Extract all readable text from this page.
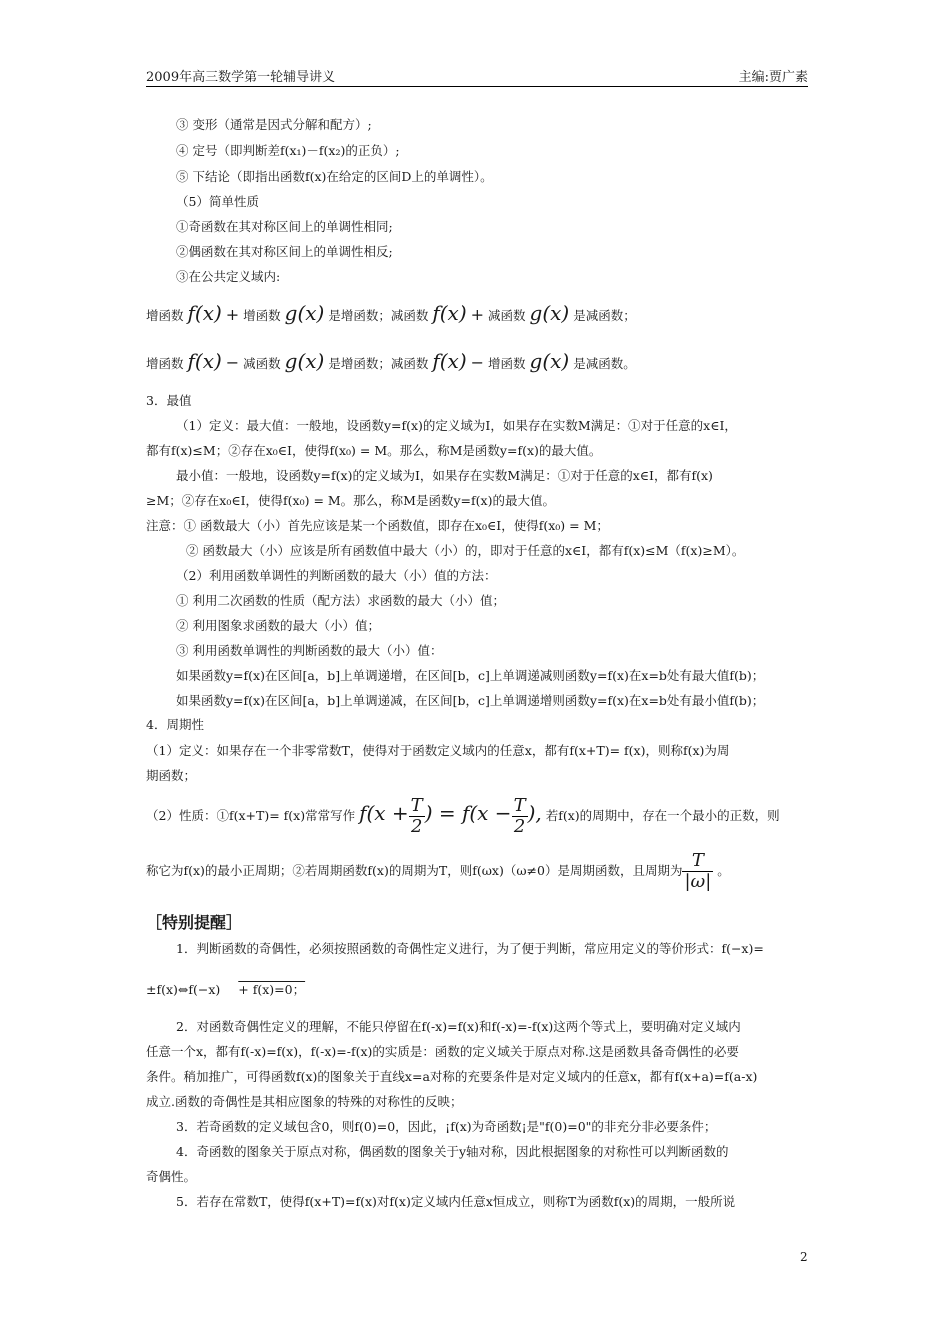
2009年高三数学第一轮辅导讲义	主编:贾广素
③ 变形（通常是因式分解和配方）;
④ 定号（即判断差f(x₁)－f(x₂)的正负）;
⑤ 下结论（即指出函数f(x)在给定的区间D上的单调性）。
（5）简单性质
①奇函数在其对称区间上的单调性相同;
②偶函数在其对称区间上的单调性相反;
③在公共定义域内:
增函数 f(x) + 增函数 g(x) 是增函数；减函数 f(x) + 减函数 g(x) 是减函数；
增函数 f(x) − 减函数 g(x) 是增函数；减函数 f(x) − 增函数 g(x) 是减函数。
3．最值
（1）定义：最大值：一般地，设函数y=f(x)的定义域为I，如果存在实数M满足：①对于任意的x∈I，
都有f(x)≤M；②存在x₀∈I，使得f(x₀) = M。那么，称M是函数y=f(x)的最大值。
最小值：一般地，设函数y=f(x)的定义域为I，如果存在实数M满足：①对于任意的x∈I，都有f(x)
≥M；②存在x₀∈I，使得f(x₀) = M。那么，称M是函数y=f(x)的最大值。
注意：① 函数最大（小）首先应该是某一个函数值，即存在x₀∈I，使得f(x₀) = M；
② 函数最大（小）应该是所有函数值中最大（小）的，即对于任意的x∈I，都有f(x)≤M（f(x)≥M）。
（2）利用函数单调性的判断函数的最大（小）值的方法：
① 利用二次函数的性质（配方法）求函数的最大（小）值；
② 利用图象求函数的最大（小）值；
③ 利用函数单调性的判断函数的最大（小）值：
如果函数y=f(x)在区间[a，b]上单调递增，在区间[b，c]上单调递减则函数y=f(x)在x=b处有最大值f(b)；
如果函数y=f(x)在区间[a，b]上单调递减，在区间[b，c]上单调递增则函数y=f(x)在x=b处有最小值f(b)；
4．周期性
（1）定义：如果存在一个非零常数T，使得对于函数定义域内的任意x，都有f(x+T)= f(x)，则称f(x)为周
期函数；
（2）性质：①f(x+T)= f(x)常常写作 $f(x + \frac{T}{2}$ ) = $f(x - \frac{T}{2}$ ), 若f(x)的周期中，存在一个最小的正数，则
称它为f(x)的最小正周期；②若周期函数f(x)的周期为T，则f(ωx)（ω≠0）是周期函数，且周期为 $\frac{T}{|\omega|}$ 。
［特别提醒］
1．判断函数的奇偶性，必须按照函数的奇偶性定义进行，为了便于判断，常应用定义的等价形式：f(−x)=
±f(x)⇔f(−x) + f(x)=0；
2．对函数奇偶性定义的理解，不能只停留在f(-x)=f(x)和f(-x)=-f(x)这两个等式上，要明确对定义域内
任意一个x，都有f(-x)=f(x)，f(-x)=-f(x)的实质是：函数的定义域关于原点对称.这是函数具备奇偶性的必要
条件。稍加推广，可得函数f(x)的图象关于直线x=a对称的充要条件是对定义域内的任意x，都有f(x+a)=f(a-x)
成立.函数的奇偶性是其相应图象的特殊的对称性的反映；
3．若奇函数的定义域包含0，则f(0)=0，因此，¡f(x)为奇函数¡是"f(0)=0"的非充分非必要条件；
4．奇函数的图象关于原点对称，偶函数的图象关于y轴对称，因此根据图象的对称性可以判断函数的
奇偶性。
5．若存在常数T，使得f(x+T)=f(x)对f(x)定义域内任意x恒成立，则称T为函数f(x)的周期，一般所说
2
